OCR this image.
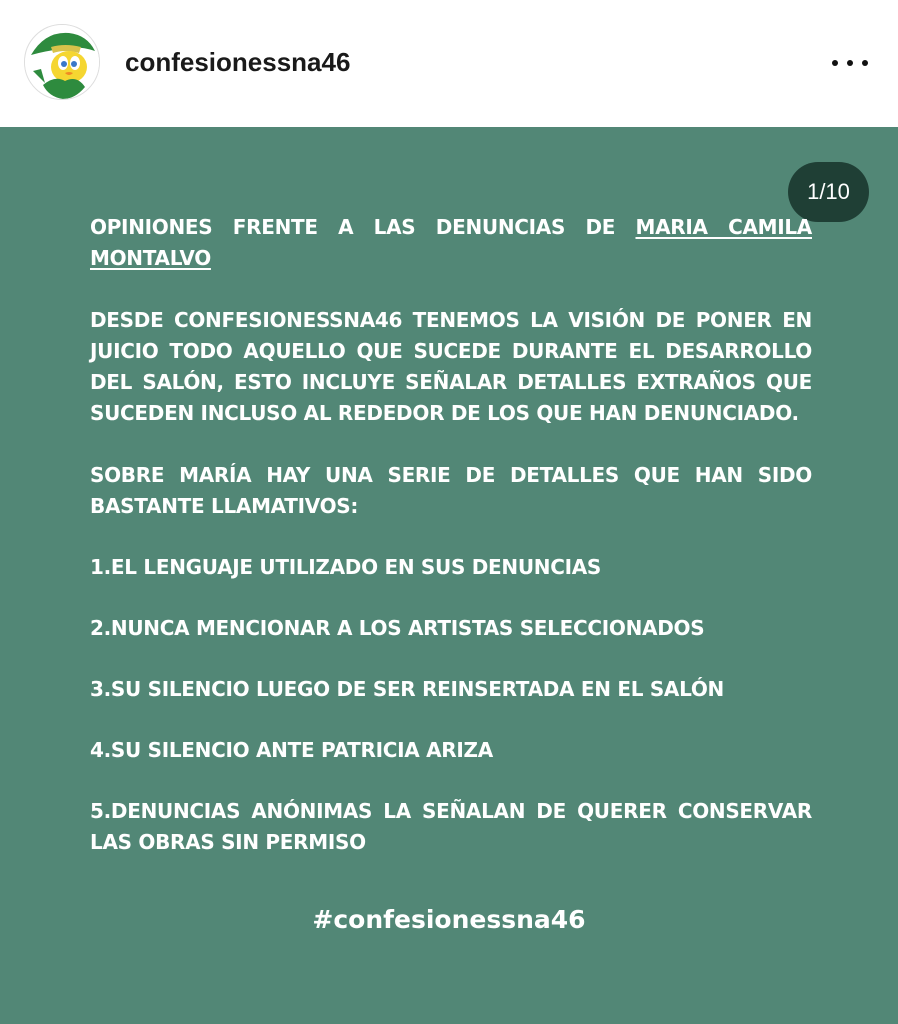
confesionessna46
1/10

OPINIONES FRENTE A LAS DENUNCIAS DE MARIA CAMILA MONTALVO

DESDE CONFESIONESSNA46 TENEMOS LA VISIÓN DE PONER EN JUICIO TODO AQUELLO QUE SUCEDE DURANTE EL DESARROLLO DEL SALÓN, ESTO INCLUYE SEÑALAR DETALLES EXTRAÑOS QUE SUCEDEN INCLUSO AL REDEDOR DE LOS QUE HAN DENUNCIADO.

SOBRE MARÍA HAY UNA SERIE DE DETALLES QUE HAN SIDO BASTANTE LLAMATIVOS:

1.EL LENGUAJE UTILIZADO EN SUS DENUNCIAS

2.NUNCA MENCIONAR A LOS ARTISTAS SELECCIONADOS

3.SU SILENCIO LUEGO DE SER REINSERTADA EN EL SALÓN

4.SU SILENCIO ANTE PATRICIA ARIZA

5.DENUNCIAS ANÓNIMAS LA SEÑALAN DE QUERER CONSERVAR LAS OBRAS SIN PERMISO

#confesionessna46
